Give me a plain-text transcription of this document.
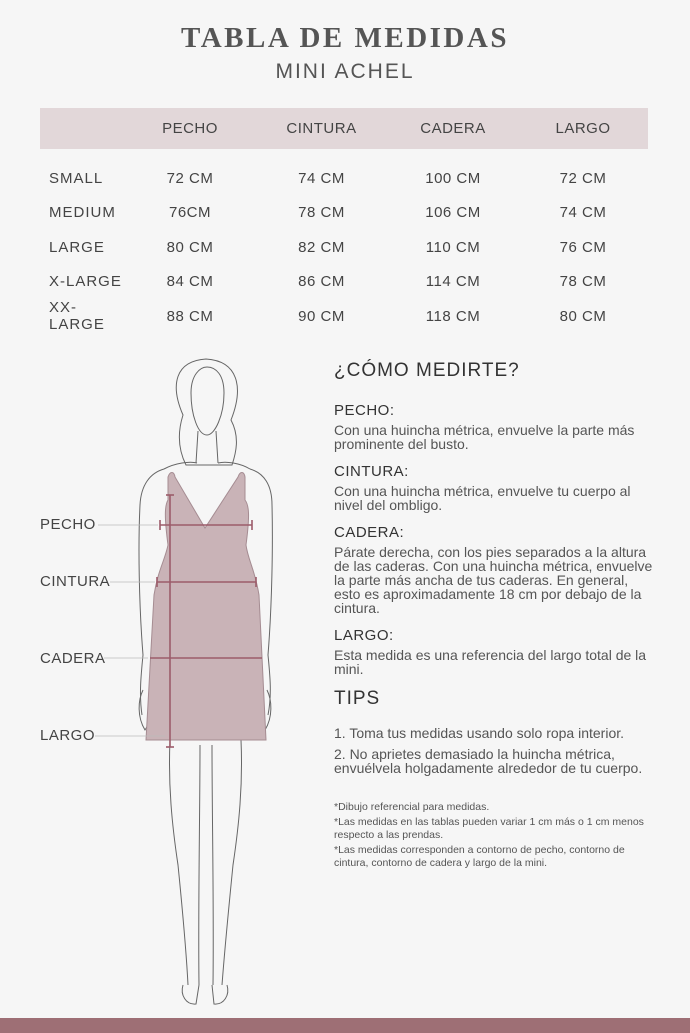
TABLA DE MEDIDAS
MINI ACHEL
	PECHO	CINTURA	CADERA	LARGO
SMALL	72 CM	74 CM	100 CM	72 CM
MEDIUM	76CM	78 CM	106 CM	74 CM
LARGE	80 CM	82 CM	110 CM	76 CM
X-LARGE	84 CM	86 CM	114 CM	78 CM
XX-LARGE	88 CM	90 CM	118 CM	80 CM
PECHO
CINTURA
CADERA
LARGO
¿CÓMO MEDIRTE?
PECHO:

Con una huincha métrica, envuelve la parte más prominente del busto.

CINTURA:

Con una huincha métrica, envuelve tu cuerpo al nivel del ombligo.

CADERA:

Párate derecha, con los pies separados a la altura de las caderas. Con una huincha métrica, envuelve la parte más ancha de tus caderas. En general, esto es aproximadamente 18 cm por debajo de la cintura.

LARGO:

Esta medida es una referencia del largo total de la mini.

TIPS

1. Toma tus medidas usando solo ropa interior.

2. No aprietes demasiado la huincha métrica, envuélvela holgadamente alrededor de tu cuerpo.

*Dibujo referencial para medidas.

*Las medidas en las tablas pueden variar 1 cm más o 1 cm menos respecto a las prendas.

*Las medidas corresponden a contorno de pecho, contorno de cintura, contorno de cadera y largo de la mini.
